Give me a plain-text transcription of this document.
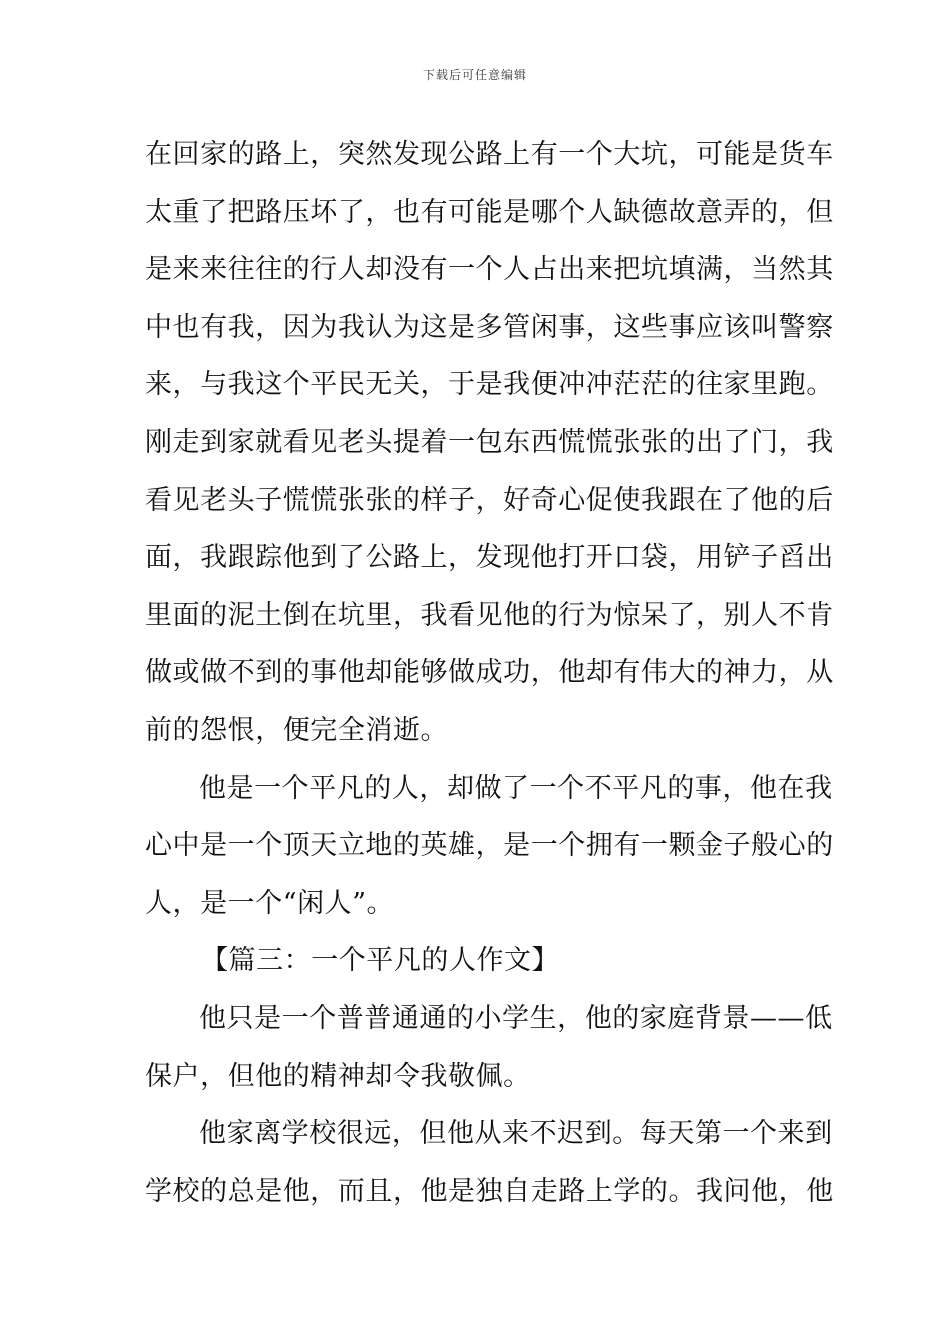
下载后可任意编辑
在回家的路上，突然发现公路上有一个大坑，可能是货车
太重了把路压坏了，也有可能是哪个人缺德故意弄的，但
是来来往往的行人却没有一个人占出来把坑填满，当然其
中也有我，因为我认为这是多管闲事，这些事应该叫警察
来，与我这个平民无关，于是我便冲冲茫茫的往家里跑。
刚走到家就看见老头提着一包东西慌慌张张的出了门，我
看见老头子慌慌张张的样子，好奇心促使我跟在了他的后
面，我跟踪他到了公路上，发现他打开口袋，用铲子舀出
里面的泥土倒在坑里，我看见他的行为惊呆了，别人不肯
做或做不到的事他却能够做成功，他却有伟大的神力，从
前的怨恨，便完全消逝。
他是一个平凡的人，却做了一个不平凡的事，他在我
心中是一个顶天立地的英雄，是一个拥有一颗金子般心的
人，是一个“闲人”。
【篇三：一个平凡的人作文】
他只是一个普普通通的小学生，他的家庭背景——低
保户，但他的精神却令我敬佩。
他家离学校很远，但他从来不迟到。每天第一个来到
学校的总是他，而且，他是独自走路上学的。我问他，他
